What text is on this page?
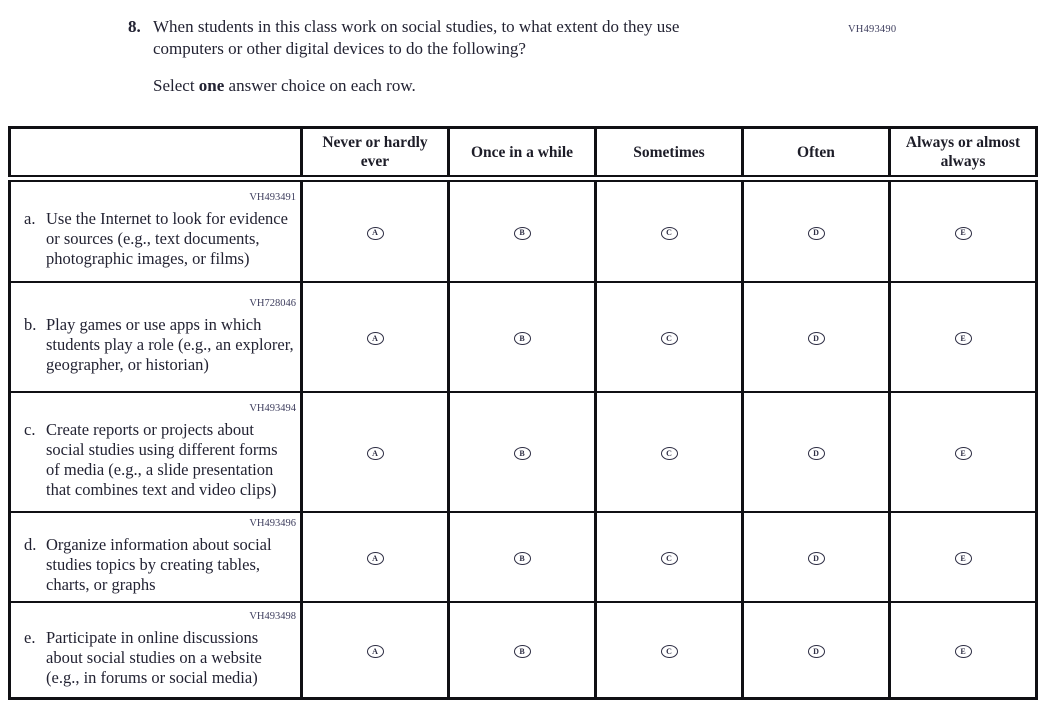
VH493490
8. When students in this class work on social studies, to what extent do they use computers or other digital devices to do the following?
Select one answer choice on each row.
	Never or hardly ever	Once in a while	Sometimes	Often	Always or almost always

VH493491
a. Use the Internet to look for evidence or sources (e.g., text documents, photographic images, or films)	A	B	C	D	E

VH728046
b. Play games or use apps in which students play a role (e.g., an explorer, geographer, or historian)	A	B	C	D	E

VH493494
c. Create reports or projects about social studies using different forms of media (e.g., a slide presentation that combines text and video clips)	A	B	C	D	E

VH493496
d. Organize information about social studies topics by creating tables, charts, or graphs	A	B	C	D	E

VH493498
e. Participate in online discussions about social studies on a website (e.g., in forums or social media)	A	B	C	D	E
